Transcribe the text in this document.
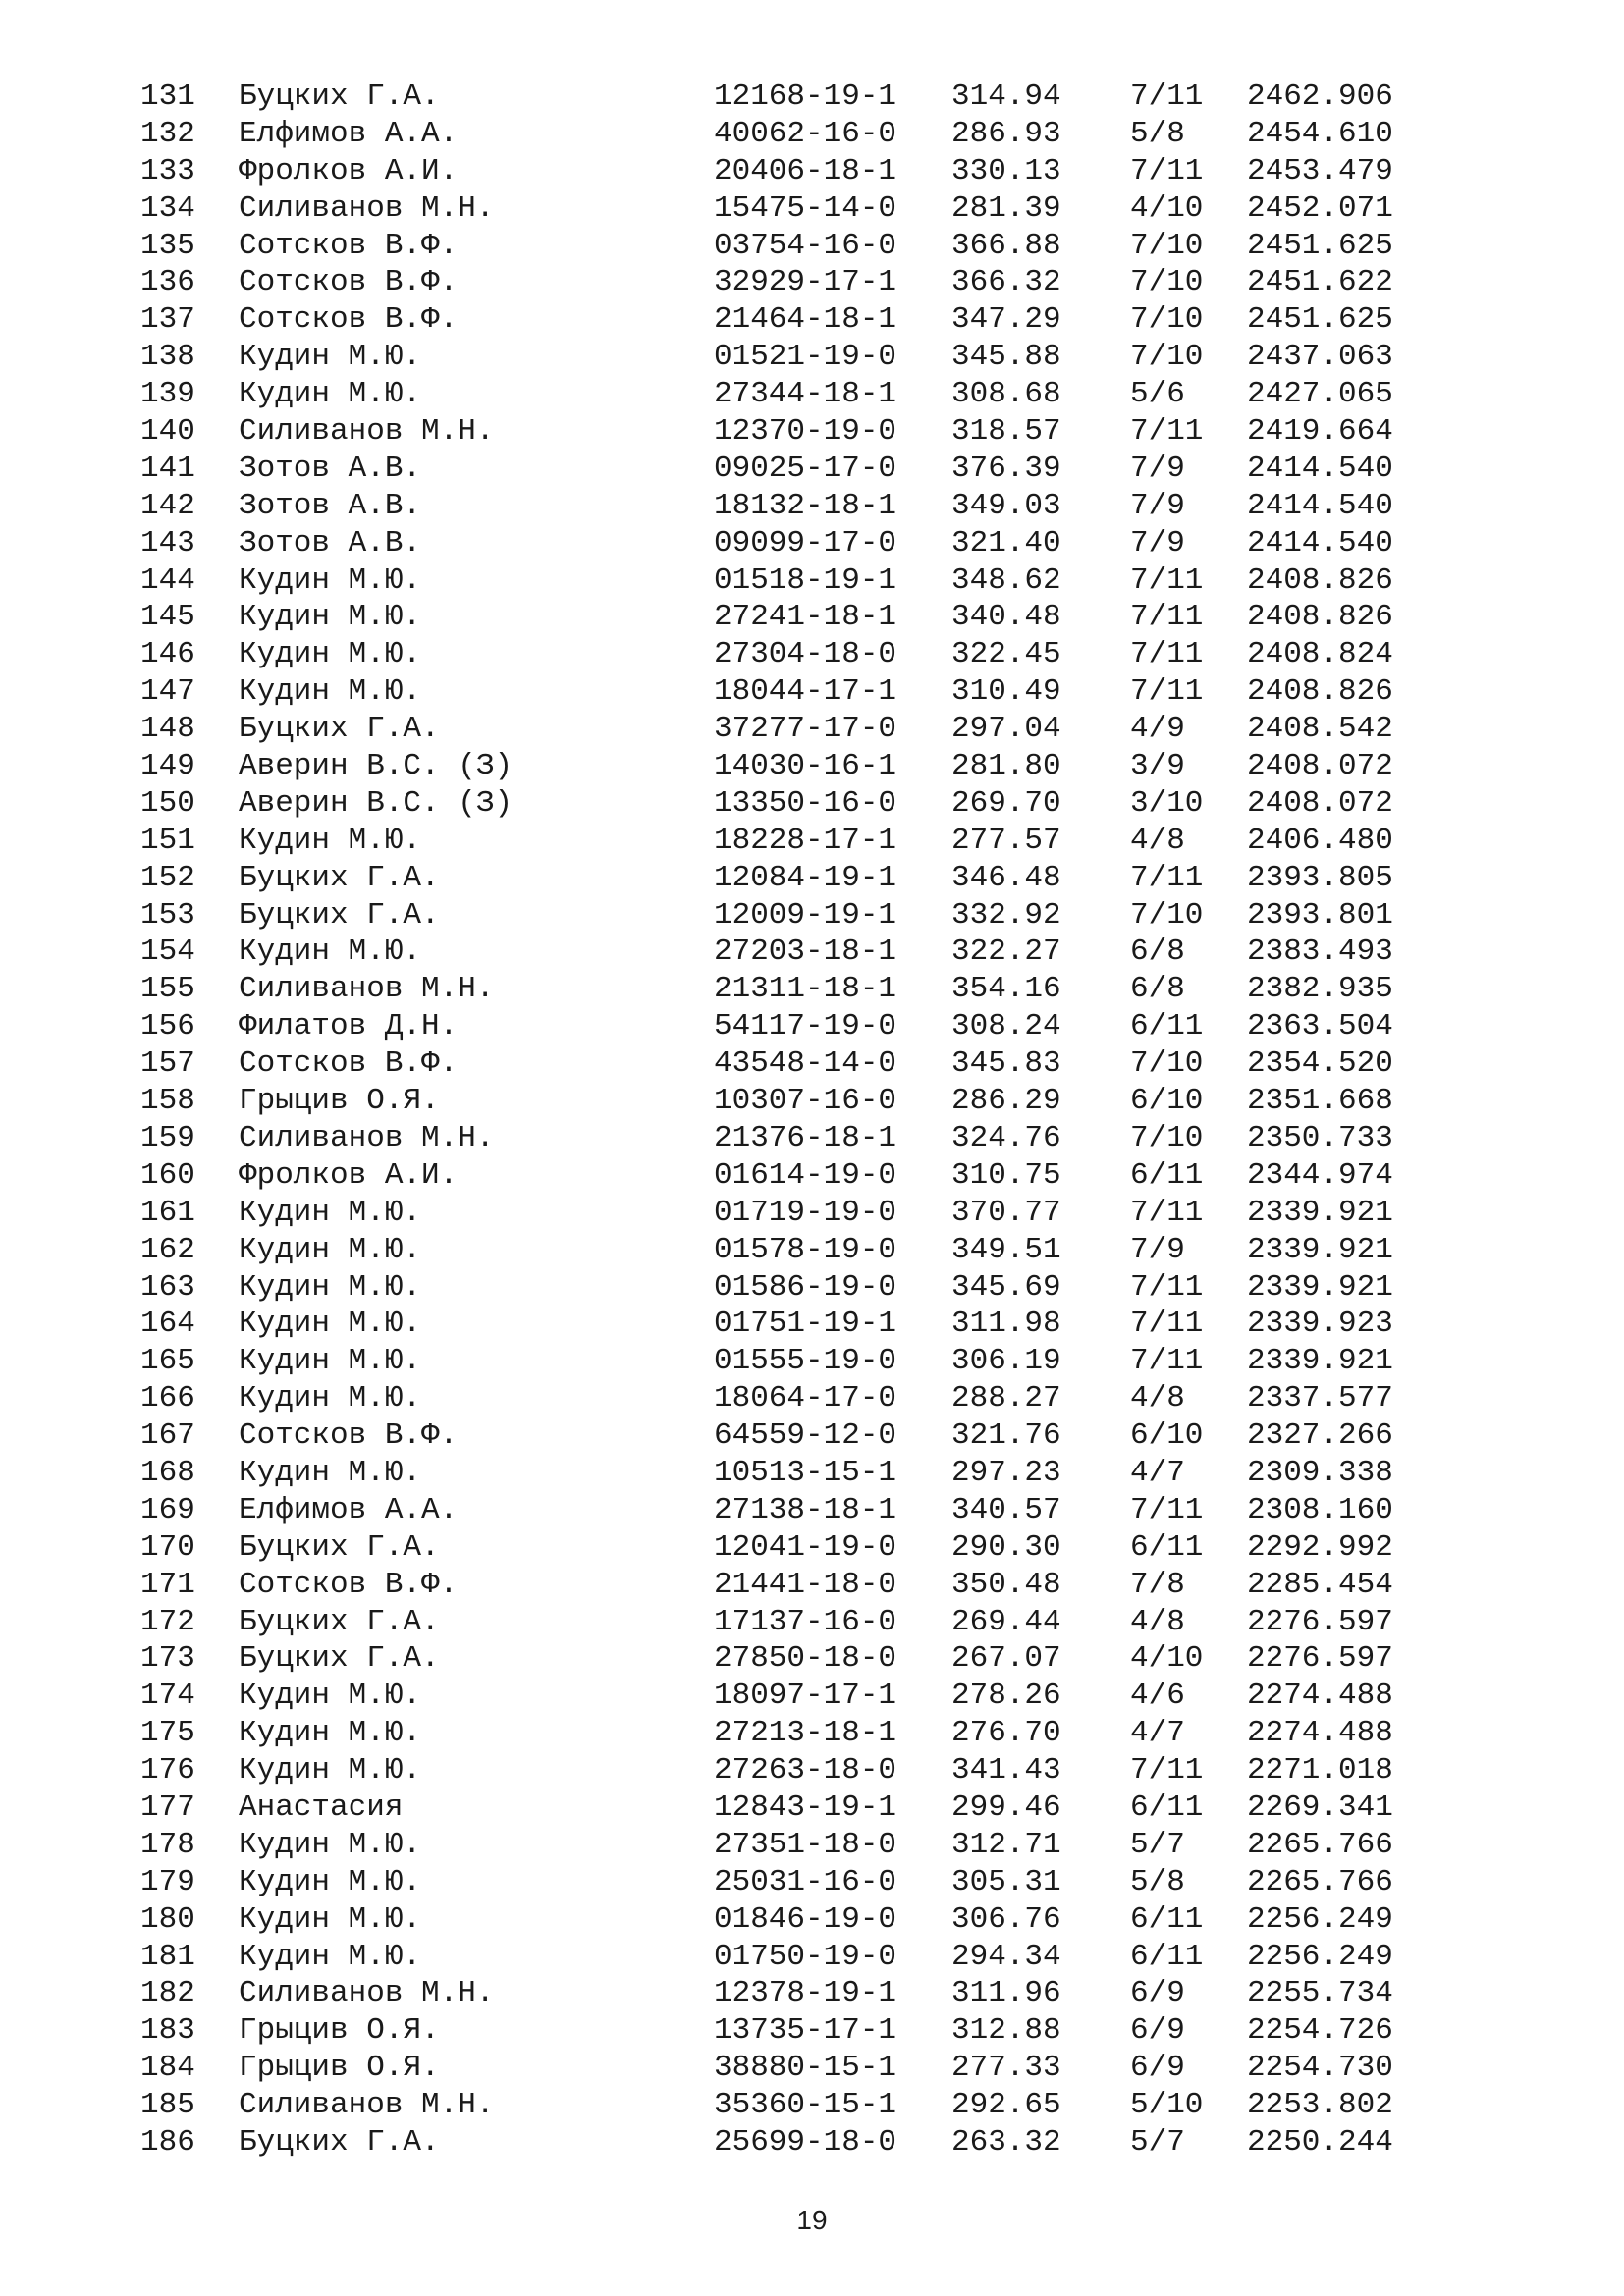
131 Буцких Г.А.	12168-19-1 314.94 7/11 2462.906
132 Елфимов А.А.	40062-16-0 286.93 5/8 2454.610
133 Фролков А.И.	20406-18-1 330.13 7/11 2453.479
134 Силиванов М.Н.	15475-14-0 281.39 4/10 2452.071
135 Сотсков В.Ф.	03754-16-0 366.88 7/10 2451.625
136 Сотсков В.Ф.	32929-17-1 366.32 7/10 2451.622
137 Сотсков В.Ф.	21464-18-1 347.29 7/10 2451.625
138 Кудин М.Ю.	01521-19-0 345.88 7/10 2437.063
139 Кудин М.Ю.	27344-18-1 308.68 5/6 2427.065
140 Силиванов М.Н.	12370-19-0 318.57 7/11 2419.664
141 Зотов А.В.	09025-17-0 376.39 7/9 2414.540
142 Зотов А.В.	18132-18-1 349.03 7/9 2414.540
143 Зотов А.В.	09099-17-0 321.40 7/9 2414.540
144 Кудин М.Ю.	01518-19-1 348.62 7/11 2408.826
145 Кудин М.Ю.	27241-18-1 340.48 7/11 2408.826
146 Кудин М.Ю.	27304-18-0 322.45 7/11 2408.824
147 Кудин М.Ю.	18044-17-1 310.49 7/11 2408.826
148 Буцких Г.А.	37277-17-0 297.04 4/9 2408.542
149 Аверин В.С. (З)	14030-16-1 281.80 3/9 2408.072
150 Аверин В.С. (З)	13350-16-0 269.70 3/10 2408.072
151 Кудин М.Ю.	18228-17-1 277.57 4/8 2406.480
152 Буцких Г.А.	12084-19-1 346.48 7/11 2393.805
153 Буцких Г.А.	12009-19-1 332.92 7/10 2393.801
154 Кудин М.Ю.	27203-18-1 322.27 6/8 2383.493
155 Силиванов М.Н.	21311-18-1 354.16 6/8 2382.935
156 Филатов Д.Н.	54117-19-0 308.24 6/11 2363.504
157 Сотсков В.Ф.	43548-14-0 345.83 7/10 2354.520
158 Грыцив О.Я.	10307-16-0 286.29 6/10 2351.668
159 Силиванов М.Н.	21376-18-1 324.76 7/10 2350.733
160 Фролков А.И.	01614-19-0 310.75 6/11 2344.974
161 Кудин М.Ю.	01719-19-0 370.77 7/11 2339.921
162 Кудин М.Ю.	01578-19-0 349.51 7/9 2339.921
163 Кудин М.Ю.	01586-19-0 345.69 7/11 2339.921
164 Кудин М.Ю.	01751-19-1 311.98 7/11 2339.923
165 Кудин М.Ю.	01555-19-0 306.19 7/11 2339.921
166 Кудин М.Ю.	18064-17-0 288.27 4/8 2337.577
167 Сотсков В.Ф.	64559-12-0 321.76 6/10 2327.266
168 Кудин М.Ю.	10513-15-1 297.23 4/7 2309.338
169 Елфимов А.А.	27138-18-1 340.57 7/11 2308.160
170 Буцких Г.А.	12041-19-0 290.30 6/11 2292.992
171 Сотсков В.Ф.	21441-18-0 350.48 7/8 2285.454
172 Буцких Г.А.	17137-16-0 269.44 4/8 2276.597
173 Буцких Г.А.	27850-18-0 267.07 4/10 2276.597
174 Кудин М.Ю.	18097-17-1 278.26 4/6 2274.488
175 Кудин М.Ю.	27213-18-1 276.70 4/7 2274.488
176 Кудин М.Ю.	27263-18-0 341.43 7/11 2271.018
177 Анастасия	12843-19-1 299.46 6/11 2269.341
178 Кудин М.Ю.	27351-18-0 312.71 5/7 2265.766
179 Кудин М.Ю.	25031-16-0 305.31 5/8 2265.766
180 Кудин М.Ю.	01846-19-0 306.76 6/11 2256.249
181 Кудин М.Ю.	01750-19-0 294.34 6/11 2256.249
182 Силиванов М.Н.	12378-19-1 311.96 6/9 2255.734
183 Грыцив О.Я.	13735-17-1 312.88 6/9 2254.726
184 Грыцив О.Я.	38880-15-1 277.33 6/9 2254.730
185 Силиванов М.Н.	35360-15-1 292.65 5/10 2253.802
186 Буцких Г.А.	25699-18-0 263.32 5/7 2250.244
19
